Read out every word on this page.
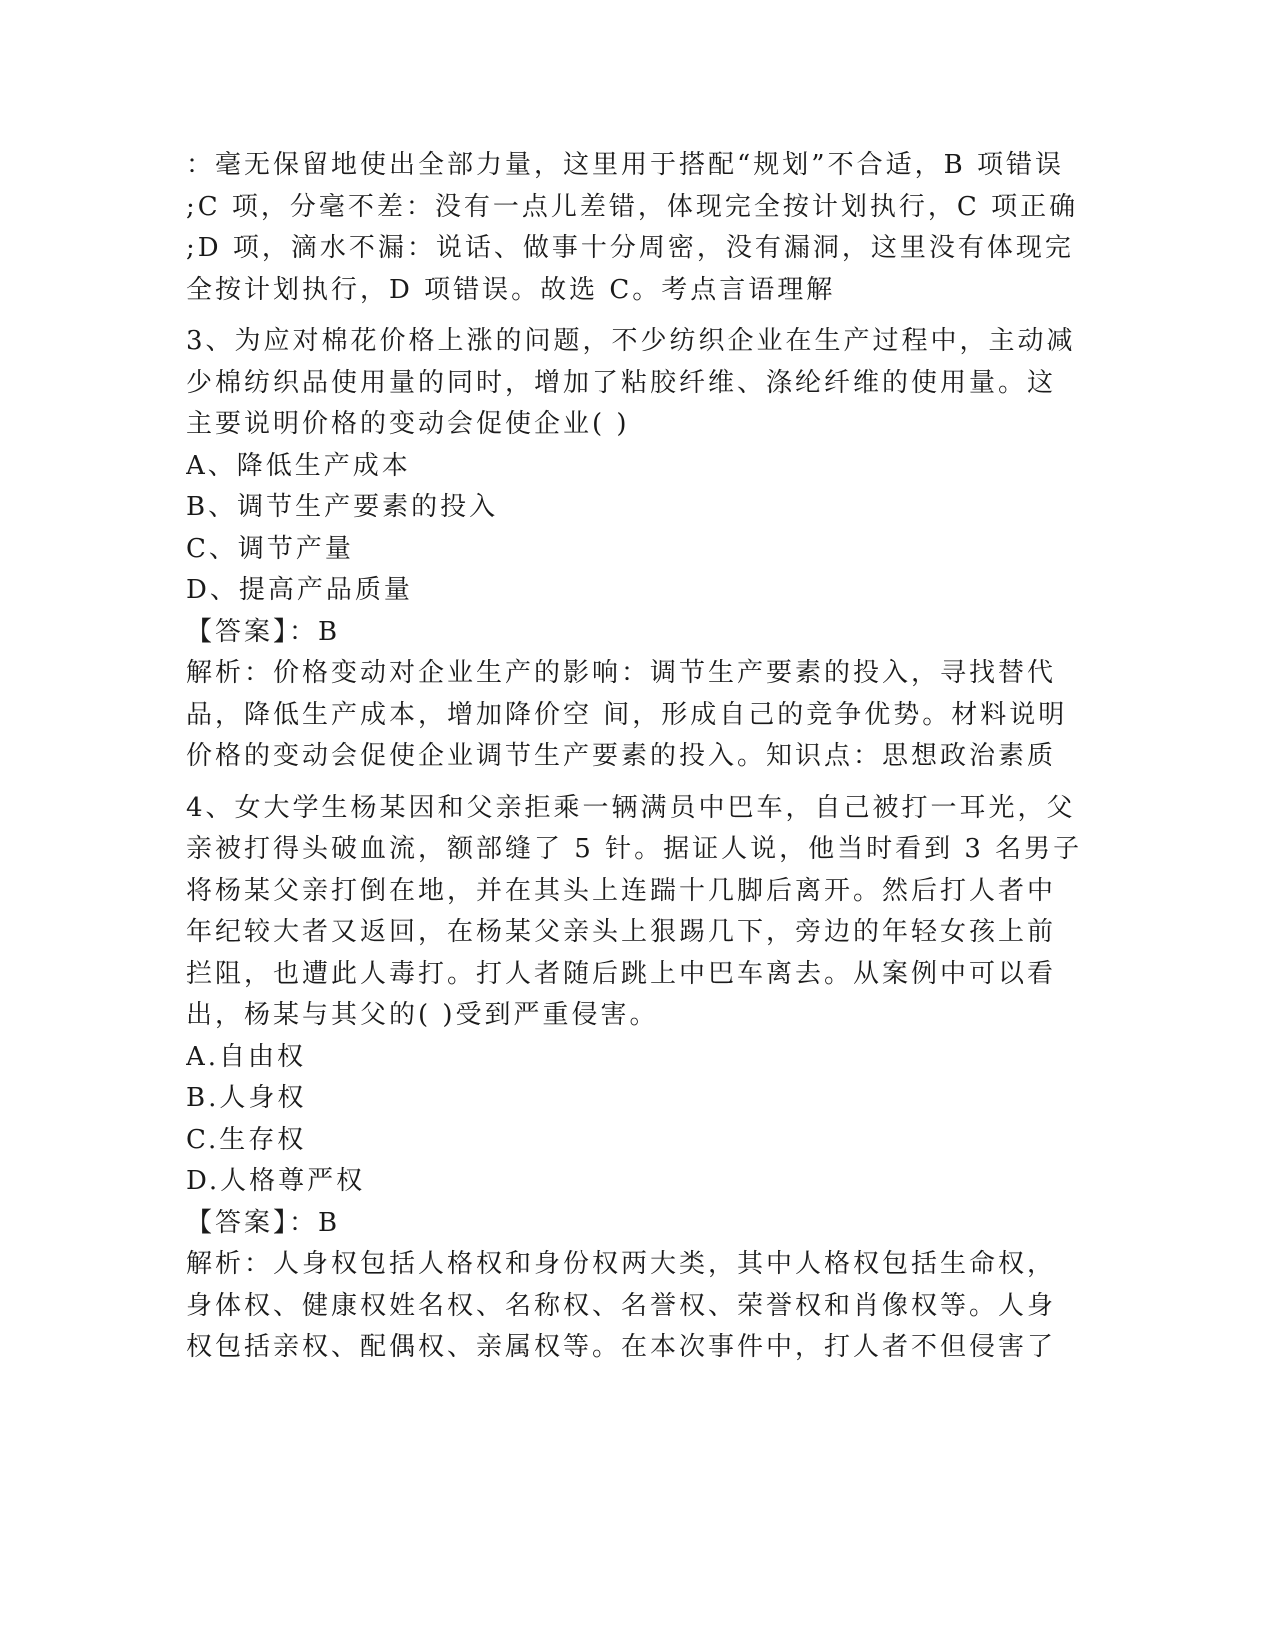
：毫无保留地使出全部力量，这里用于搭配“规划”不合适，B 项错误
;C 项，分毫不差：没有一点儿差错，体现完全按计划执行，C 项正确
;D 项，滴水不漏：说话、做事十分周密，没有漏洞，这里没有体现完
全按计划执行，D 项错误。故选 C。考点言语理解
3、为应对棉花价格上涨的问题，不少纺织企业在生产过程中，主动减
少棉纺织品使用量的同时，增加了粘胶纤维、涤纶纤维的使用量。这
主要说明价格的变动会促使企业( )
A、降低生产成本
B、调节生产要素的投入
C、调节产量
D、提高产品质量
【答案】：B
解析：价格变动对企业生产的影响：调节生产要素的投入，寻找替代
品，降低生产成本，增加降价空 间，形成自己的竞争优势。材料说明
价格的变动会促使企业调节生产要素的投入。知识点：思想政治素质
4、女大学生杨某因和父亲拒乘一辆满员中巴车，自己被打一耳光，父
亲被打得头破血流，额部缝了 5 针。据证人说，他当时看到 3 名男子
将杨某父亲打倒在地，并在其头上连踹十几脚后离开。然后打人者中
年纪较大者又返回，在杨某父亲头上狠踢几下，旁边的年轻女孩上前
拦阻，也遭此人毒打。打人者随后跳上中巴车离去。从案例中可以看
出，杨某与其父的( )受到严重侵害。
A.自由权
B.人身权
C.生存权
D.人格尊严权
【答案】：B
解析：人身权包括人格权和身份权两大类，其中人格权包括生命权，
身体权、健康权姓名权、名称权、名誉权、荣誉权和肖像权等。人身
权包括亲权、配偶权、亲属权等。在本次事件中，打人者不但侵害了
